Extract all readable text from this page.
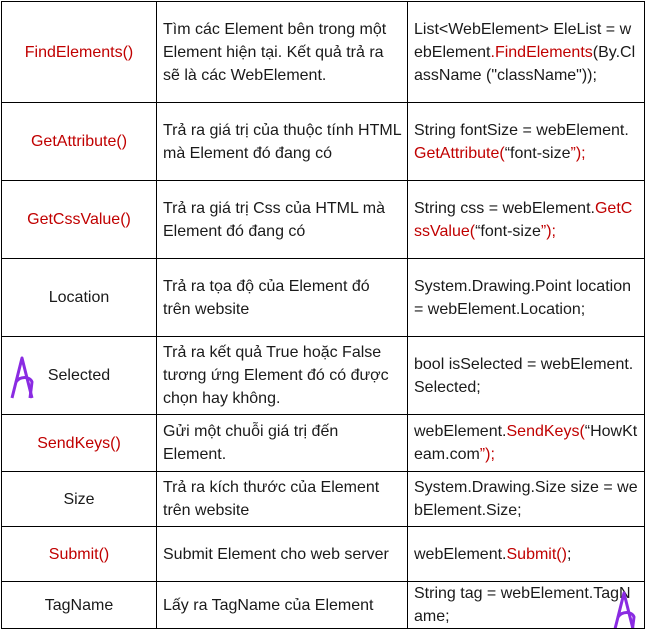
FindElements()	Tìm các Element bên trong một Element hiện tại. Kết quả trả ra sẽ là các WebElement.	List<WebElement> EleList = webElement.FindElements(By.ClassName ("className"));
GetAttribute()	Trả ra giá trị của thuộc tính HTML mà Element đó đang có	String fontSize = webElement.GetAttribute(“font-size”);
GetCssValue()	Trả ra giá trị Css của HTML mà Element đó đang có	String css = webElement.GetCssValue(“font-size”);
Location	Trả ra tọa độ của Element đó trên website	System.Drawing.Point location = webElement.Location;

Selected	Trả ra kết quả True hoặc False tương ứng Element đó có được chọn hay không.	bool isSelected = webElement.Selected;
SendKeys()	Gửi một chuỗi giá trị đến Element.	webElement.SendKeys(“HowKteam.com”);
Size	Trả ra kích thước của Element trên website	System.Drawing.Size size = webElement.Size;
Submit()	Submit Element cho web server	webElement.Submit();
TagName	Lấy ra TagName của Element	String tag = webElement.TagName;
